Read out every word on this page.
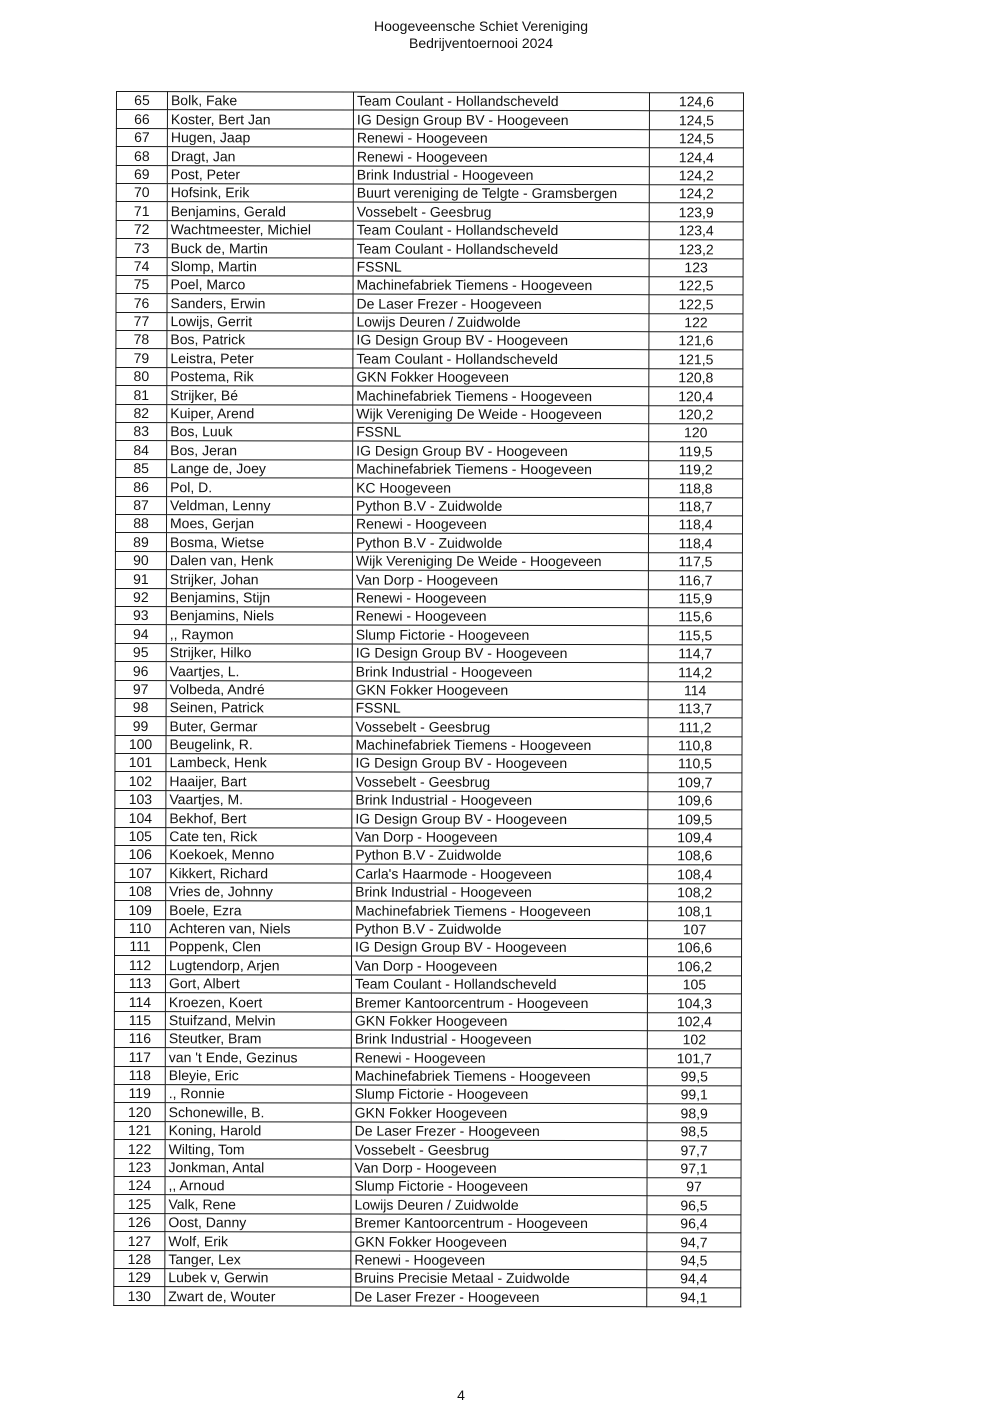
Hoogeveensche Schiet Vereniging
Bedrijventoernooi 2024
65	Bolk, Fake	Team Coulant - Hollandscheveld	124,6
66	Koster, Bert Jan	IG Design Group BV - Hoogeveen	124,5
67	Hugen, Jaap	Renewi - Hoogeveen	124,5
68	Dragt, Jan	Renewi - Hoogeveen	124,4
69	Post, Peter	Brink Industrial - Hoogeveen	124,2
70	Hofsink, Erik	Buurt vereniging de Telgte - Gramsbergen	124,2
71	Benjamins, Gerald	Vossebelt - Geesbrug	123,9
72	Wachtmeester, Michiel	Team Coulant - Hollandscheveld	123,4
73	Buck de, Martin	Team Coulant - Hollandscheveld	123,2
74	Slomp, Martin	FSSNL	123
75	Poel, Marco	Machinefabriek Tiemens - Hoogeveen	122,5
76	Sanders, Erwin	De Laser Frezer - Hoogeveen	122,5
77	Lowijs, Gerrit	Lowijs Deuren / Zuidwolde	122
78	Bos, Patrick	IG Design Group BV - Hoogeveen	121,6
79	Leistra, Peter	Team Coulant - Hollandscheveld	121,5
80	Postema, Rik	GKN Fokker Hoogeveen	120,8
81	Strijker, Bé	Machinefabriek Tiemens - Hoogeveen	120,4
82	Kuiper, Arend	Wijk Vereniging De Weide - Hoogeveen	120,2
83	Bos, Luuk	FSSNL	120
84	Bos, Jeran	IG Design Group BV - Hoogeveen	119,5
85	Lange de, Joey	Machinefabriek Tiemens - Hoogeveen	119,2
86	Pol, D.	KC Hoogeveen	118,8
87	Veldman, Lenny	Python B.V - Zuidwolde	118,7
88	Moes, Gerjan	Renewi - Hoogeveen	118,4
89	Bosma, Wietse	Python B.V - Zuidwolde	118,4
90	Dalen van, Henk	Wijk Vereniging De Weide - Hoogeveen	117,5
91	Strijker, Johan	Van Dorp - Hoogeveen	116,7
92	Benjamins, Stijn	Renewi - Hoogeveen	115,9
93	Benjamins, Niels	Renewi - Hoogeveen	115,6
94	,, Raymon	Slump Fictorie - Hoogeveen	115,5
95	Strijker, Hilko	IG Design Group BV - Hoogeveen	114,7
96	Vaartjes, L.	Brink Industrial - Hoogeveen	114,2
97	Volbeda, André	GKN Fokker Hoogeveen	114
98	Seinen, Patrick	FSSNL	113,7
99	Buter, Germar	Vossebelt - Geesbrug	111,2
100	Beugelink, R.	Machinefabriek Tiemens - Hoogeveen	110,8
101	Lambeck, Henk	IG Design Group BV - Hoogeveen	110,5
102	Haaijer, Bart	Vossebelt - Geesbrug	109,7
103	Vaartjes, M.	Brink Industrial - Hoogeveen	109,6
104	Bekhof, Bert	IG Design Group BV - Hoogeveen	109,5
105	Cate ten, Rick	Van Dorp - Hoogeveen	109,4
106	Koekoek, Menno	Python B.V - Zuidwolde	108,6
107	Kikkert, Richard	Carla's Haarmode - Hoogeveen	108,4
108	Vries de, Johnny	Brink Industrial - Hoogeveen	108,2
109	Boele, Ezra	Machinefabriek Tiemens - Hoogeveen	108,1
110	Achteren van, Niels	Python B.V - Zuidwolde	107
111	Poppenk, Clen	IG Design Group BV - Hoogeveen	106,6
112	Lugtendorp, Arjen	Van Dorp - Hoogeveen	106,2
113	Gort, Albert	Team Coulant - Hollandscheveld	105
114	Kroezen, Koert	Bremer Kantoorcentrum - Hoogeveen	104,3
115	Stuifzand, Melvin	GKN Fokker Hoogeveen	102,4
116	Steutker, Bram	Brink Industrial - Hoogeveen	102
117	van 't Ende, Gezinus	Renewi - Hoogeveen	101,7
118	Bleyie, Eric	Machinefabriek Tiemens - Hoogeveen	99,5
119	., Ronnie	Slump Fictorie - Hoogeveen	99,1
120	Schonewille, B.	GKN Fokker Hoogeveen	98,9
121	Koning, Harold	De Laser Frezer - Hoogeveen	98,5
122	Wilting, Tom	Vossebelt - Geesbrug	97,7
123	Jonkman, Antal	Van Dorp - Hoogeveen	97,1
124	,, Arnoud	Slump Fictorie - Hoogeveen	97
125	Valk, Rene	Lowijs Deuren / Zuidwolde	96,5
126	Oost, Danny	Bremer Kantoorcentrum - Hoogeveen	96,4
127	Wolf, Erik	GKN Fokker Hoogeveen	94,7
128	Tanger, Lex	Renewi - Hoogeveen	94,5
129	Lubek v, Gerwin	Bruins Precisie Metaal - Zuidwolde	94,4
130	Zwart de, Wouter	De Laser Frezer - Hoogeveen	94,1
4
